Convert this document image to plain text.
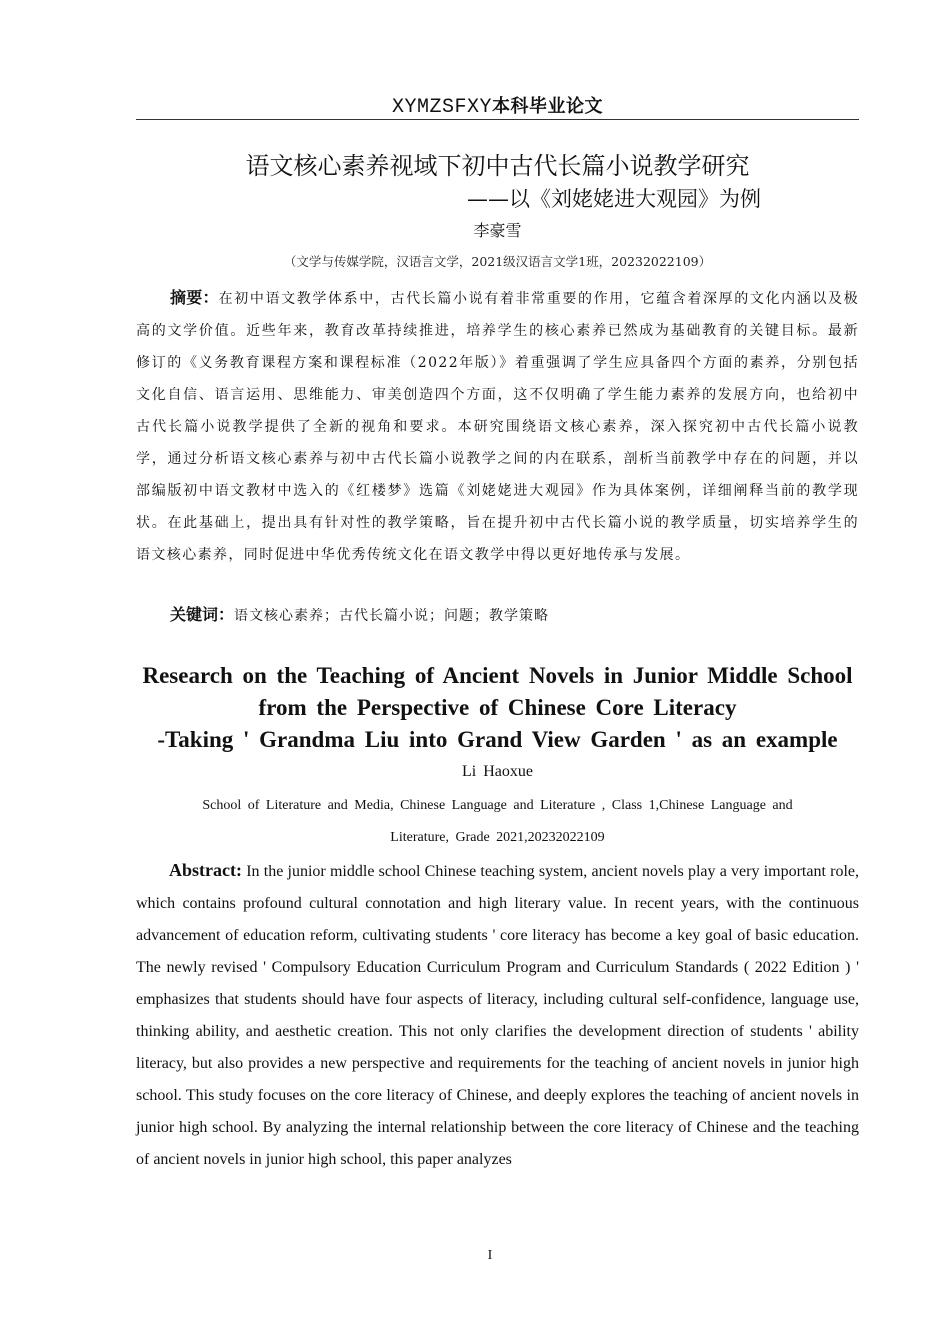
XYMZSFXY本科毕业论文
语文核心素养视域下初中古代长篇小说教学研究
——以《刘姥姥进大观园》为例
李豪雪
（文学与传媒学院，汉语言文学，2021级汉语言文学1班，20232022109）
摘要：在初中语文教学体系中，古代长篇小说有着非常重要的作用，它蕴含着深厚的文化内涵以及极高的文学价值。近些年来，教育改革持续推进，培养学生的核心素养已然成为基础教育的关键目标。最新修订的《义务教育课程方案和课程标准（2022年版）》着重强调了学生应具备四个方面的素养，分别包括文化自信、语言运用、思维能力、审美创造四个方面，这不仅明确了学生能力素养的发展方向，也给初中古代长篇小说教学提供了全新的视角和要求。本研究围绕语文核心素养，深入探究初中古代长篇小说教学，通过分析语文核心素养与初中古代长篇小说教学之间的内在联系，剖析当前教学中存在的问题，并以部编版初中语文教材中选入的《红楼梦》选篇《刘姥姥进大观园》作为具体案例，详细阐释当前的教学现状。在此基础上，提出具有针对性的教学策略，旨在提升初中古代长篇小说的教学质量，切实培养学生的语文核心素养，同时促进中华优秀传统文化在语文教学中得以更好地传承与发展。
关键词：语文核心素养；古代长篇小说；问题；教学策略
Research on the Teaching of Ancient Novels in Junior Middle School
from the Perspective of Chinese Core Literacy
-Taking ' Grandma Liu into Grand View Garden ' as an example
Li Haoxue
School of Literature and Media, Chinese Language and Literature , Class 1,Chinese Language and
Literature, Grade 2021,20232022109
Abstract: In the junior middle school Chinese teaching system, ancient novels play a very important role, which contains profound cultural connotation and high literary value. In recent years, with the continuous advancement of education reform, cultivating students ' core literacy has become a key goal of basic education. The newly revised ' Compulsory Education Curriculum Program and Curriculum Standards ( 2022 Edition ) ' emphasizes that students should have four aspects of literacy, including cultural self-confidence, language use, thinking ability, and aesthetic creation. This not only clarifies the development direction of students ' ability literacy, but also provides a new perspective and requirements for the teaching of ancient novels in junior high school. This study focuses on the core literacy of Chinese, and deeply explores the teaching of ancient novels in junior high school. By analyzing the internal relationship between the core literacy of Chinese and the teaching of ancient novels in junior high school, this paper analyzes
I
